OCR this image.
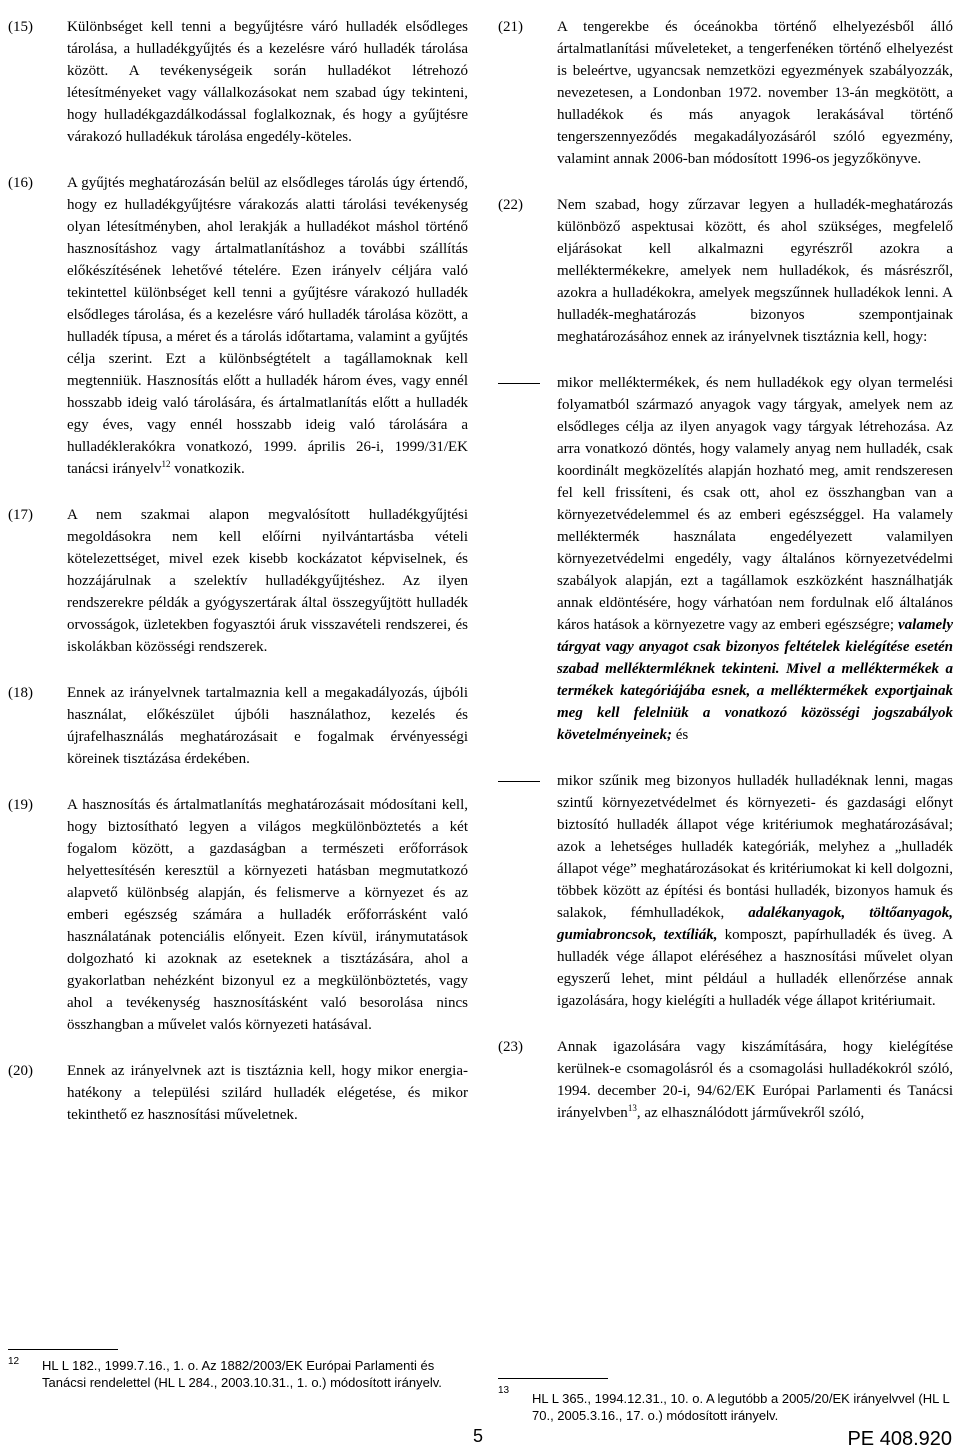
(15) Különbséget kell tenni a begyűjtésre váró hulladék elsődleges tárolása, a hulladékgyűjtés és a kezelésre váró hulladék tárolása között. A tevékenységeik során hulladékot létrehozó létesítményeket vagy vállalkozásokat nem szabad úgy tekinteni, hogy hulladékgazdálkodással foglalkoznak, és hogy a gyűjtésre várakozó hulladékuk tárolása engedély-köteles.

(16) A gyűjtés meghatározásán belül az elsődleges tárolás úgy értendő, hogy ez hulladékgyűjtésre várakozás alatti tárolási tevékenység olyan létesítményben, ahol lerakják a hulladékot máshol történő hasznosításhoz vagy ártalmatlanításhoz a további szállítás előkészítésének lehetővé tételére. Ezen irányelv céljára való tekintettel különbséget kell tenni a gyűjtésre várakozó hulladék elsődleges tárolása, és a kezelésre váró hulladék tárolása között, a hulladék típusa, a méret és a tárolás időtartama, valamint a gyűjtés célja szerint. Ezt a különbségtételt a tagállamoknak kell megtenniük. Hasznosítás előtt a hulladék három éves, vagy ennél hosszabb ideig való tárolására, és ártalmatlanítás előtt a hulladék egy éves, vagy ennél hosszabb ideig való tárolására a hulladéklerakókra vonatkozó, 1999. április 26-i, 1999/31/EK tanácsi irányelv$^{12}$ vonatkozik.

(17) A nem szakmai alapon megvalósított hulladékgyűjtési megoldásokra nem kell előírni nyilvántartásba vételi kötelezettséget, mivel ezek kisebb kockázatot képviselnek, és hozzájárulnak a szelektív hulladékgyűjtéshez. Az ilyen rendszerekre példák a gyógyszertárak által összegyűjtött hulladék orvosságok, üzletekben fogyasztói áruk visszavételi rendszerei, és iskolákban közösségi rendszerek.

(18) Ennek az irányelvnek tartalmaznia kell a megakadályozás, újbóli használat, előkészület újbóli használathoz, kezelés és újrafelhasználás meghatározásait e fogalmak érvényességi köreinek tisztázása érdekében.

(19) A hasznosítás és ártalmatlanítás meghatározásait módosítani kell, hogy biztosítható legyen a világos megkülönböztetés a két fogalom között, a gazdaságban a természeti erőforrások helyettesítésén keresztül a környezeti hatásban megmutatkozó alapvető különbség alapján, és felismerve a környezet és az emberi egészség számára a hulladék erőforrásként való használatának potenciális előnyeit. Ezen kívül, iránymutatások dolgozható ki azoknak az eseteknek a tisztázására, ahol a gyakorlatban nehézként bizonyul ez a megkülönböztetés, vagy ahol a tevékenység hasznosításként való besorolása nincs összhangban a művelet valós környezeti hatásával.

(20) Ennek az irányelvnek azt is tisztáznia kell, hogy mikor energia-hatékony a települési szilárd hulladék elégetése, és mikor tekinthető ez hasznosítási műveletnek.

(21) A tengerekbe és óceánokba történő elhelyezésből álló ártalmatlanítási műveleteket, a tengerfenéken történő elhelyezést is beleértve, ugyancsak nemzetközi egyezmények szabályozzák, nevezetesen, a Londonban 1972. november 13-án megkötött, a hulladékok és más anyagok lerakásával történő tengerszennyeződés megakadályozásáról szóló egyezmény, valamint annak 2006-ban módosított 1996-os jegyzőkönyve.

(22) Nem szabad, hogy zűrzavar legyen a hulladék-meghatározás különböző aspektusai között, és ahol szükséges, megfelelő eljárásokat kell alkalmazni egyrészről azokra a melléktermékekre, amelyek nem hulladékok, és másrészről, azokra a hulladékokra, amelyek megszűnnek hulladékok lenni. A hulladék-meghatározás bizonyos szempontjainak meghatározásához ennek az irányelvnek tisztáznia kell, hogy:

mikor melléktermékek, és nem hulladékok egy olyan termelési folyamatból származó anyagok vagy tárgyak, amelyek nem az elsődleges célja az ilyen anyagok vagy tárgyak létrehozása. Az arra vonatkozó döntés, hogy valamely anyag nem hulladék, csak koordinált megközelítés alapján hozható meg, amit rendszeresen fel kell frissíteni, és csak ott, ahol ez összhangban van a környezetvédelemmel és az emberi egészséggel. Ha valamely melléktermék használata engedélyezett valamilyen környezetvédelmi engedély, vagy általános környezetvédelmi szabályok alapján, ezt a tagállamok eszközként használhatják annak eldöntésére, hogy várhatóan nem fordulnak elő általános káros hatások a környezetre vagy az emberi egészségre; valamely tárgyat vagy anyagot csak bizonyos feltételek kielégítése esetén szabad melléktermléknek tekinteni. Mivel a melléktermékek a termékek kategóriájába esnek, a melléktermékek exportjainak meg kell felelniük a vonatkozó közösségi jogszabályok követelményeinek; és

mikor szűnik meg bizonyos hulladék hulladéknak lenni, magas szintű környezetvédelmet és környezeti- és gazdasági előnyt biztosító hulladék állapot vége kritériumok meghatározásával; azok a lehetséges hulladék kategóriák, melyhez a „hulladék állapot vége” meghatározásokat és kritériumokat ki kell dolgozni, többek között az építési és bontási hulladék, bizonyos hamuk és salakok, fémhulladékok, adalékanyagok, töltőanyagok, gumiabroncsok, textíliák, komposzt, papírhulladék és üveg. A hulladék vége állapot eléréséhez a hasznosítási művelet olyan egyszerű lehet, mint például a hulladék ellenőrzése annak igazolására, hogy kielégíti a hulladék vége állapot kritériumait.

(23) Annak igazolására vagy kiszámítására, hogy kielégítése kerülnek-e csomagolásról és a csomagolási hulladékokról szóló, 1994. december 20-i, 94/62/EK Európai Parlamenti és Tanácsi irányelvben$^{13}$, az elhasználódott járművekről szóló,

12 HL L 182., 1999.7.16., 1. o. Az 1882/2003/EK Európai Parlamenti és Tanácsi rendelettel (HL L 284., 2003.10.31., 1. o.) módosított irányelv.

13

HL L 365., 1994.12.31., 10. o. A legutóbb a 2005/20/EK irányelvvel (HL L 70., 2005.3.16., 17. o.) módosított irányelv.

5	PE 408.920
